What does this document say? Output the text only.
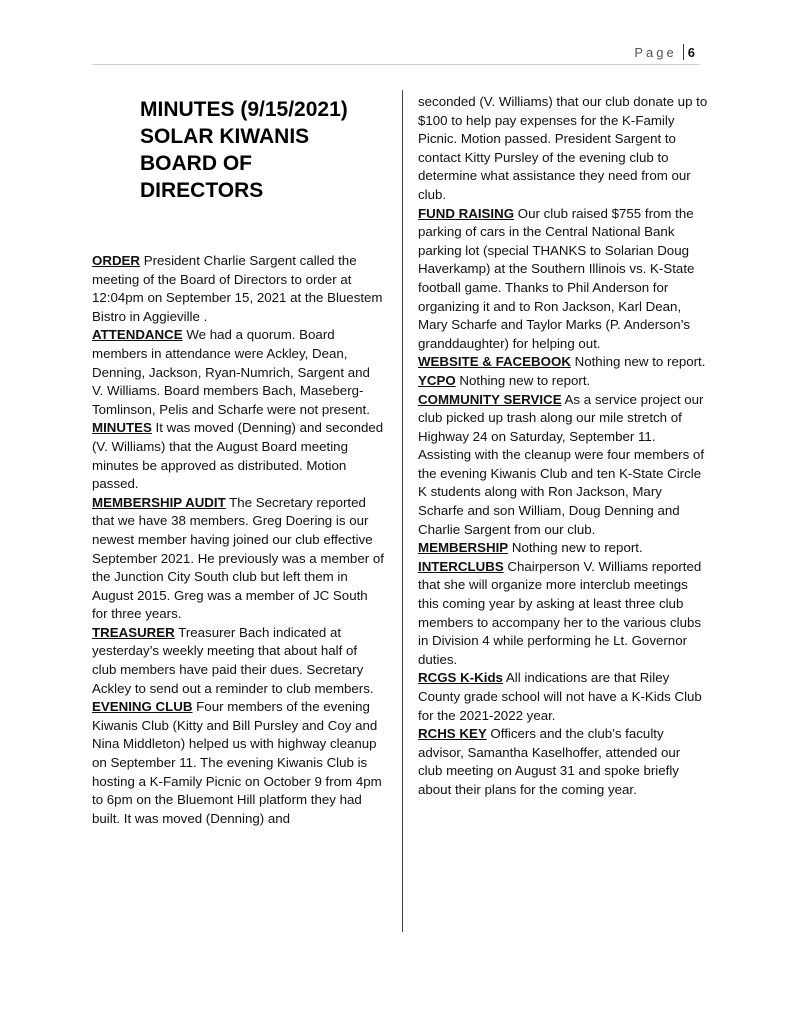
Page 6
MINUTES (9/15/2021) SOLAR KIWANIS BOARD OF DIRECTORS

ORDER President Charlie Sargent called the meeting of the Board of Directors to order at 12:04pm on September 15, 2021 at the Bluestem Bistro in Aggieville .

ATTENDANCE We had a quorum. Board members in attendance were Ackley, Dean, Denning, Jackson, Ryan-Numrich, Sargent and V. Williams. Board members Bach, Maseberg-Tomlinson, Pelis and Scharfe were not present.

MINUTES It was moved (Denning) and seconded (V. Williams) that the August Board meeting minutes be approved as distributed. Motion passed.

MEMBERSHIP AUDIT The Secretary reported that we have 38 members. Greg Doering is our newest member having joined our club effective September 2021. He previously was a member of the Junction City South club but left them in August 2015. Greg was a member of JC South for three years.

TREASURER Treasurer Bach indicated at yesterday’s weekly meeting that about half of club members have paid their dues. Secretary Ackley to send out a reminder to club members.

EVENING CLUB Four members of the evening Kiwanis Club (Kitty and Bill Pursley and Coy and Nina Middleton) helped us with highway cleanup on September 11. The evening Kiwanis Club is hosting a K-Family Picnic on October 9 from 4pm to 6pm on the Bluemont Hill platform they had built. It was moved (Denning) and

seconded (V. Williams) that our club donate up to $100 to help pay expenses for the K-Family Picnic. Motion passed. President Sargent to contact Kitty Pursley of the evening club to determine what assistance they need from our club.

FUND RAISING Our club raised $755 from the parking of cars in the Central National Bank parking lot (special THANKS to Solarian Doug Haverkamp) at the Southern Illinois vs. K-State football game. Thanks to Phil Anderson for organizing it and to Ron Jackson, Karl Dean, Mary Scharfe and Taylor Marks (P. Anderson’s granddaughter) for helping out.

WEBSITE & FACEBOOK Nothing new to report.

YCPO Nothing new to report.

COMMUNITY SERVICE As a service project our club picked up trash along our mile stretch of Highway 24 on Saturday, September 11. Assisting with the cleanup were four members of the evening Kiwanis Club and ten K-State Circle K students along with Ron Jackson, Mary Scharfe and son William, Doug Denning and Charlie Sargent from our club.

MEMBERSHIP Nothing new to report.

INTERCLUBS Chairperson V. Williams reported that she will organize more interclub meetings this coming year by asking at least three club members to accompany her to the various clubs in Division 4 while performing he Lt. Governor duties.

RCGS K-Kids All indications are that Riley County grade school will not have a K-Kids Club for the 2021-2022 year.

RCHS KEY Officers and the club’s faculty advisor, Samantha Kaselhoffer, attended our club meeting on August 31 and spoke briefly about their plans for the coming year.
